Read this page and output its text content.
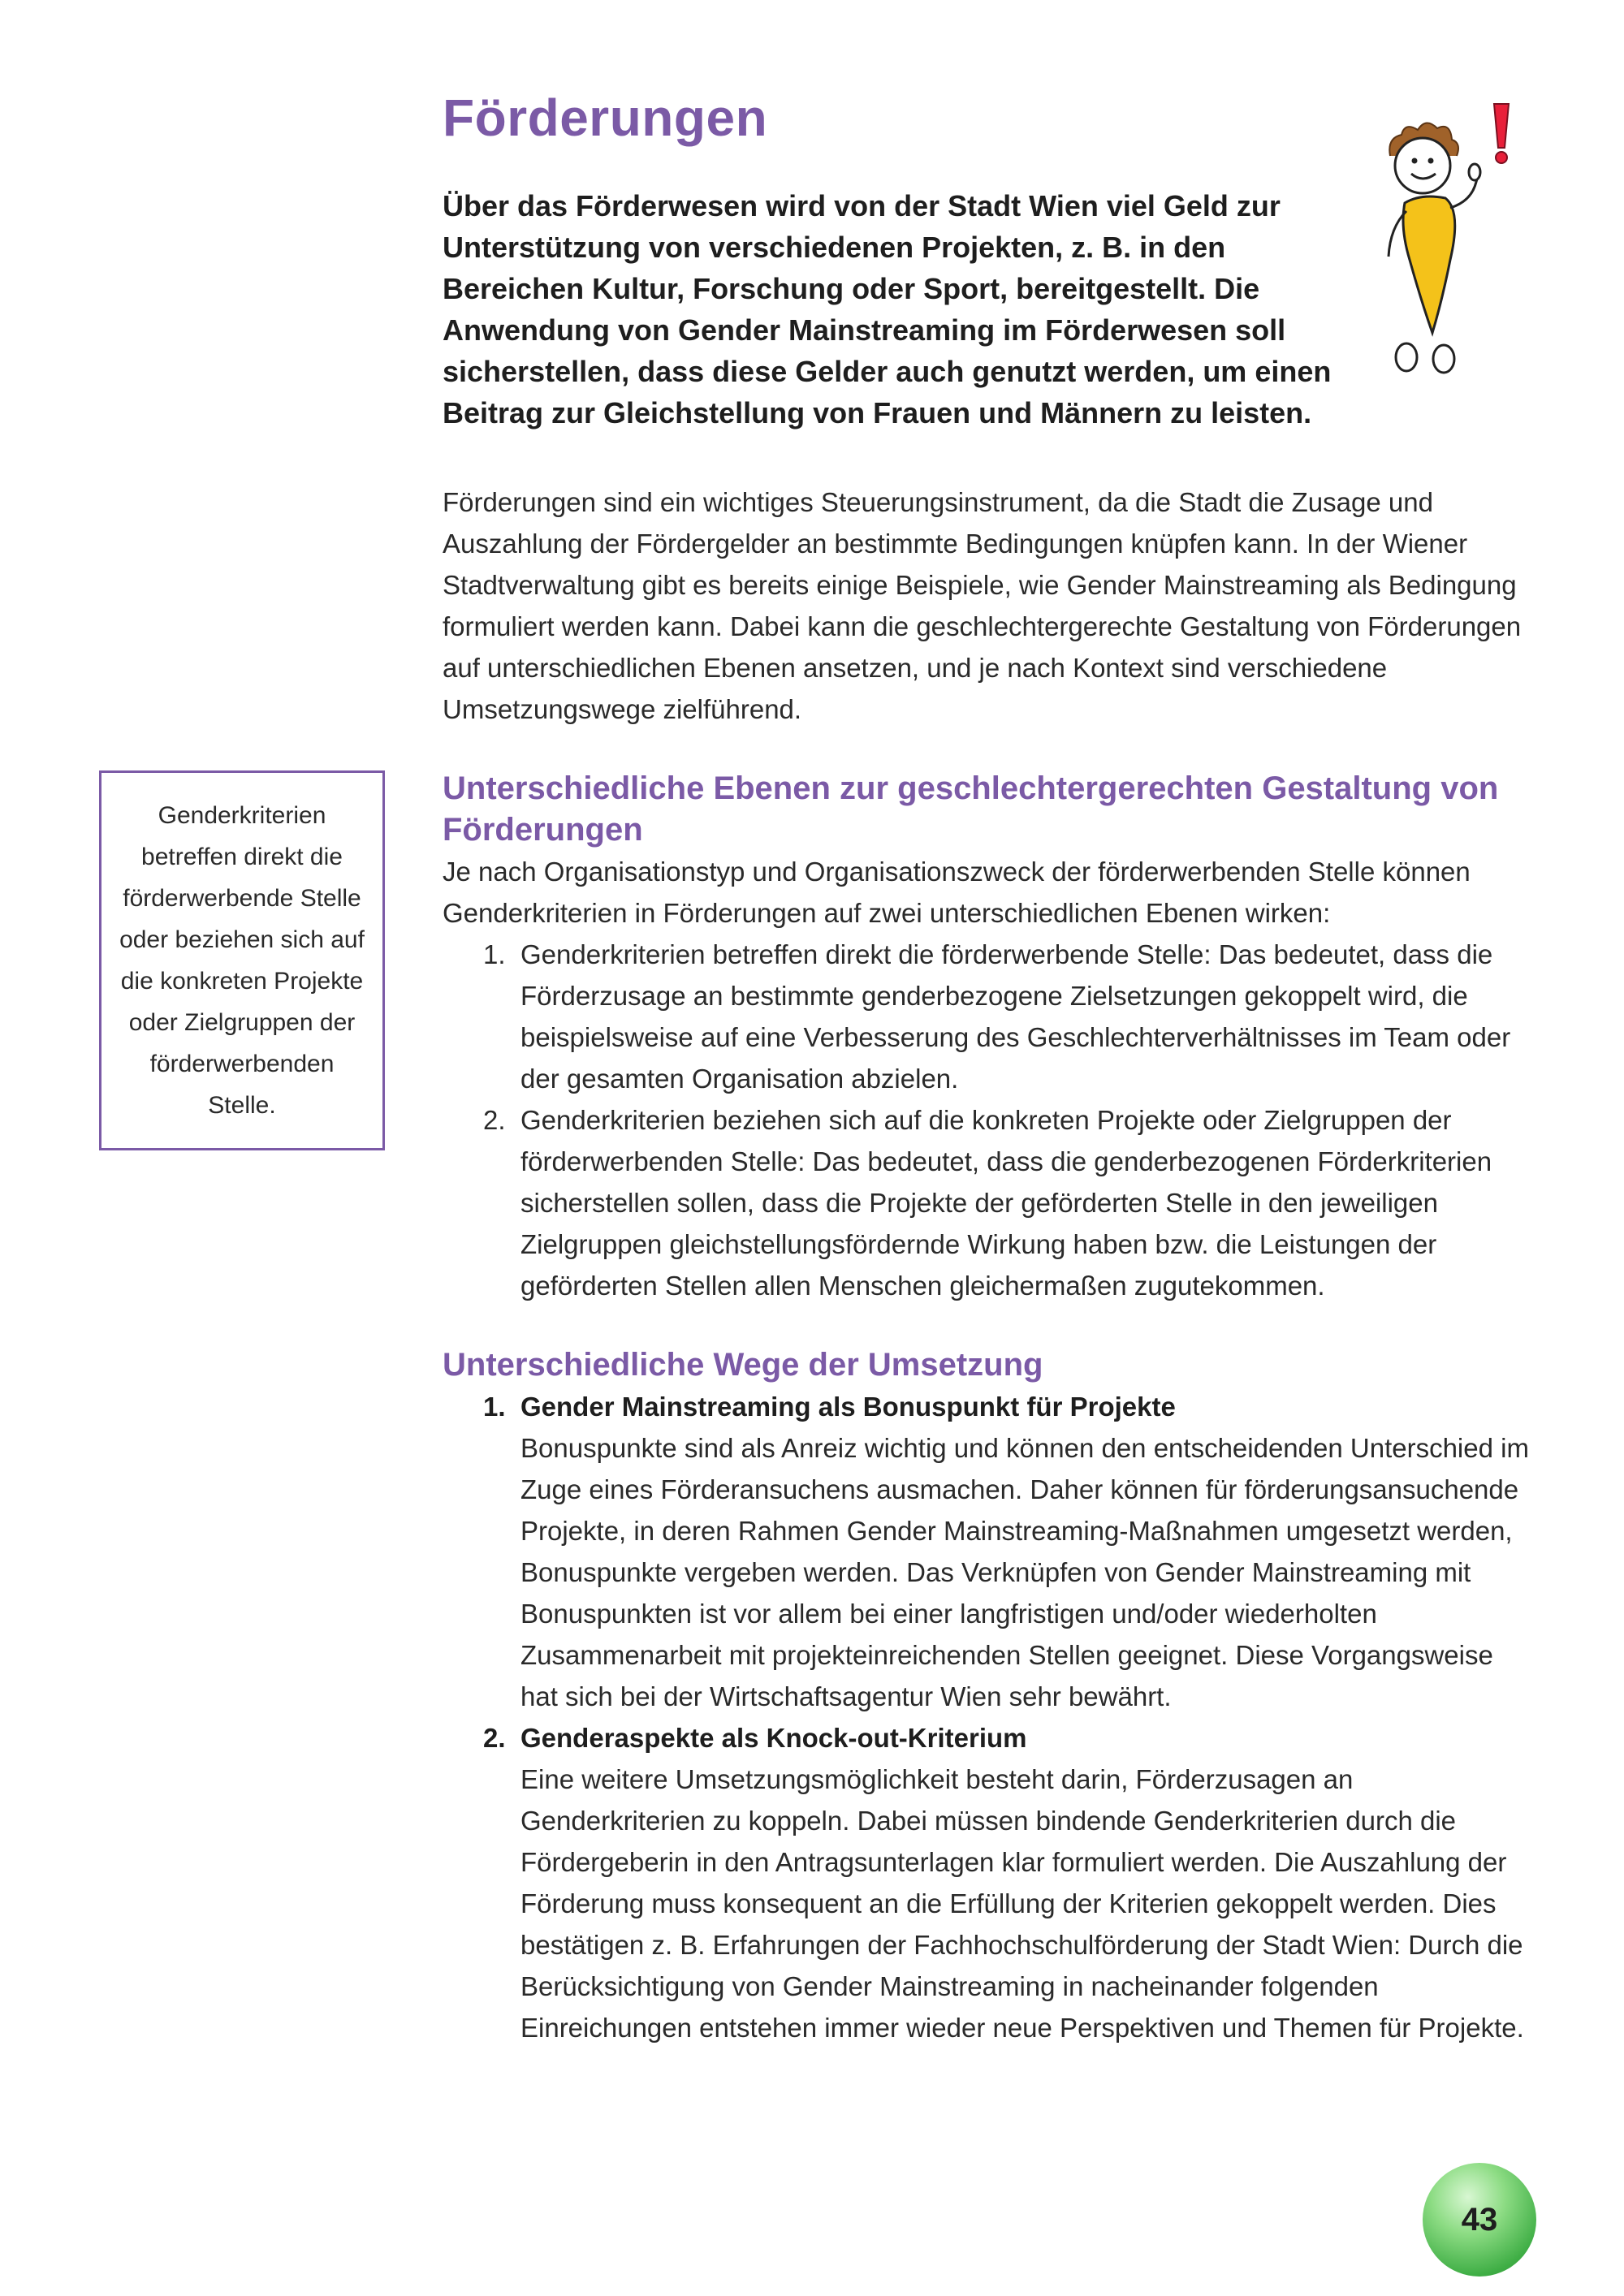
Förderungen

Über das Förderwesen wird von der Stadt Wien viel Geld zur Unterstützung von verschiedenen Projekten, z. B. in den Bereichen Kultur, Forschung oder Sport, bereitgestellt. Die Anwendung von Gender Mainstreaming im Förderwesen soll sicherstellen, dass diese Gelder auch genutzt werden, um einen Beitrag zur Gleichstellung von Frauen und Männern zu leisten.

Förderungen sind ein wichtiges Steuerungsinstrument, da die Stadt die Zusage und Auszahlung der Fördergelder an bestimmte Bedingungen knüpfen kann. In der Wiener Stadtverwaltung gibt es bereits einige Beispiele, wie Gender Mainstreaming als Bedingung formuliert werden kann. Dabei kann die geschlechtergerechte Gestaltung von Förderungen auf unterschiedlichen Ebenen ansetzen, und je nach Kontext sind verschiedene Umsetzungswege zielführend.

Genderkriterien betreffen direkt die förderwerbende Stelle oder beziehen sich auf die konkreten Projekte oder Zielgruppen der förderwerbenden Stelle.

Unterschiedliche Ebenen zur geschlechtergerechten Gestaltung von Förderungen

Je nach Organisationstyp und Organisationszweck der förderwerbenden Stelle können Genderkriterien in Förderungen auf zwei unterschiedlichen Ebenen wirken:

1. Genderkriterien betreffen direkt die förderwerbende Stelle: Das bedeutet, dass die Förderzusage an bestimmte genderbezogene Zielsetzungen gekoppelt wird, die beispielsweise auf eine Verbesserung des Geschlechterverhältnisses im Team oder der gesamten Organisation abzielen.
2. Genderkriterien beziehen sich auf die konkreten Projekte oder Zielgruppen der förderwerbenden Stelle: Das bedeutet, dass die genderbezogenen Förderkriterien sicherstellen sollen, dass die Projekte der geförderten Stelle in den jeweiligen Zielgruppen gleichstellungsfördernde Wirkung haben bzw. die Leistungen der geförderten Stellen allen Menschen gleichermaßen zugutekommen.
Unterschiedliche Wege der Umsetzung
1. Gender Mainstreaming als Bonuspunkt für Projekte
Bonuspunkte sind als Anreiz wichtig und können den entscheidenden Unterschied im Zuge eines Förderansuchens ausmachen. Daher können für förderungsansuchende Projekte, in deren Rahmen Gender Mainstreaming-Maßnahmen umgesetzt werden, Bonuspunkte vergeben werden. Das Verknüpfen von Gender Mainstreaming mit Bonuspunkten ist vor allem bei einer langfristigen und/oder wiederholten Zusammenarbeit mit projekteinreichenden Stellen geeignet. Diese Vorgangsweise hat sich bei der Wirtschaftsagentur Wien sehr bewährt.
2. Genderaspekte als Knock-out-Kriterium
Eine weitere Umsetzungsmöglichkeit besteht darin, Förderzusagen an Genderkriterien zu koppeln. Dabei müssen bindende Genderkriterien durch die Fördergeberin in den Antragsunterlagen klar formuliert werden. Die Auszahlung der Förderung muss konsequent an die Erfüllung der Kriterien gekoppelt werden. Dies bestätigen z. B. Erfahrungen der Fachhochschulförderung der Stadt Wien: Durch die Berücksichtigung von Gender Mainstreaming in nacheinander folgenden Einreichungen entstehen immer wieder neue Perspektiven und Themen für Projekte.
43
